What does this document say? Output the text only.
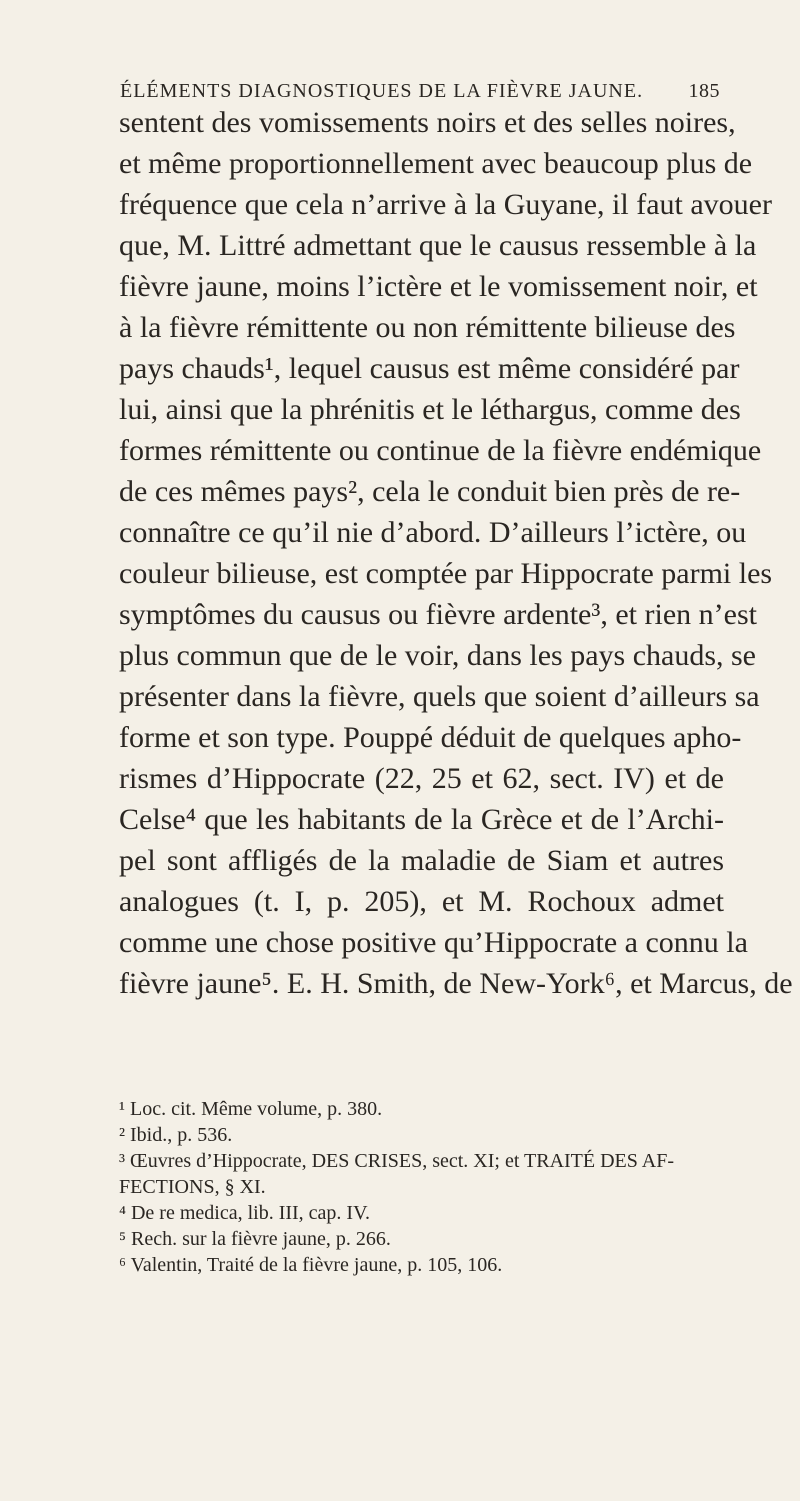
ÉLÉMENTS DIAGNOSTIQUES DE LA FIÈVRE JAUNE. 185
sentent des vomissements noirs et des selles noires,
et même proportionnellement avec beaucoup plus de
fréquence que cela n’arrive à la Guyane, il faut avouer
que, M. Littré admettant que le causus ressemble à la
fièvre jaune, moins l’ictère et le vomissement noir, et
à la fièvre rémittente ou non rémittente bilieuse des
pays chauds¹, lequel causus est même considéré par
lui, ainsi que la phrénitis et le léthargus, comme des
formes rémittente ou continue de la fièvre endémique
de ces mêmes pays², cela le conduit bien près de re-
connaître ce qu’il nie d’abord. D’ailleurs l’ictère, ou
couleur bilieuse, est comptée par Hippocrate parmi les
symptômes du causus ou fièvre ardente³, et rien n’est
plus commun que de le voir, dans les pays chauds, se
présenter dans la fièvre, quels que soient d’ailleurs sa
forme et son type. Pouppé déduit de quelques apho-
rismes d’Hippocrate (22, 25 et 62, sect. IV) et de
Celse⁴ que les habitants de la Grèce et de l’Archi-
pel sont affligés de la maladie de Siam et autres
analogues (t. I, p. 205), et M. Rochoux admet
comme une chose positive qu’Hippocrate a connu la
fièvre jaune⁵. E. H. Smith, de New-York⁶, et Marcus, de
¹ Loc. cit. Même volume, p. 380.
² Ibid., p. 536.
³ Œuvres d’Hippocrate, DES CRISES, sect. XI; et TRAITÉ DES AF-
FECTIONS, § XI.
⁴ De re medica, lib. III, cap. IV.
⁵ Rech. sur la fièvre jaune, p. 266.
⁶ Valentin, Traité de la fièvre jaune, p. 105, 106.
